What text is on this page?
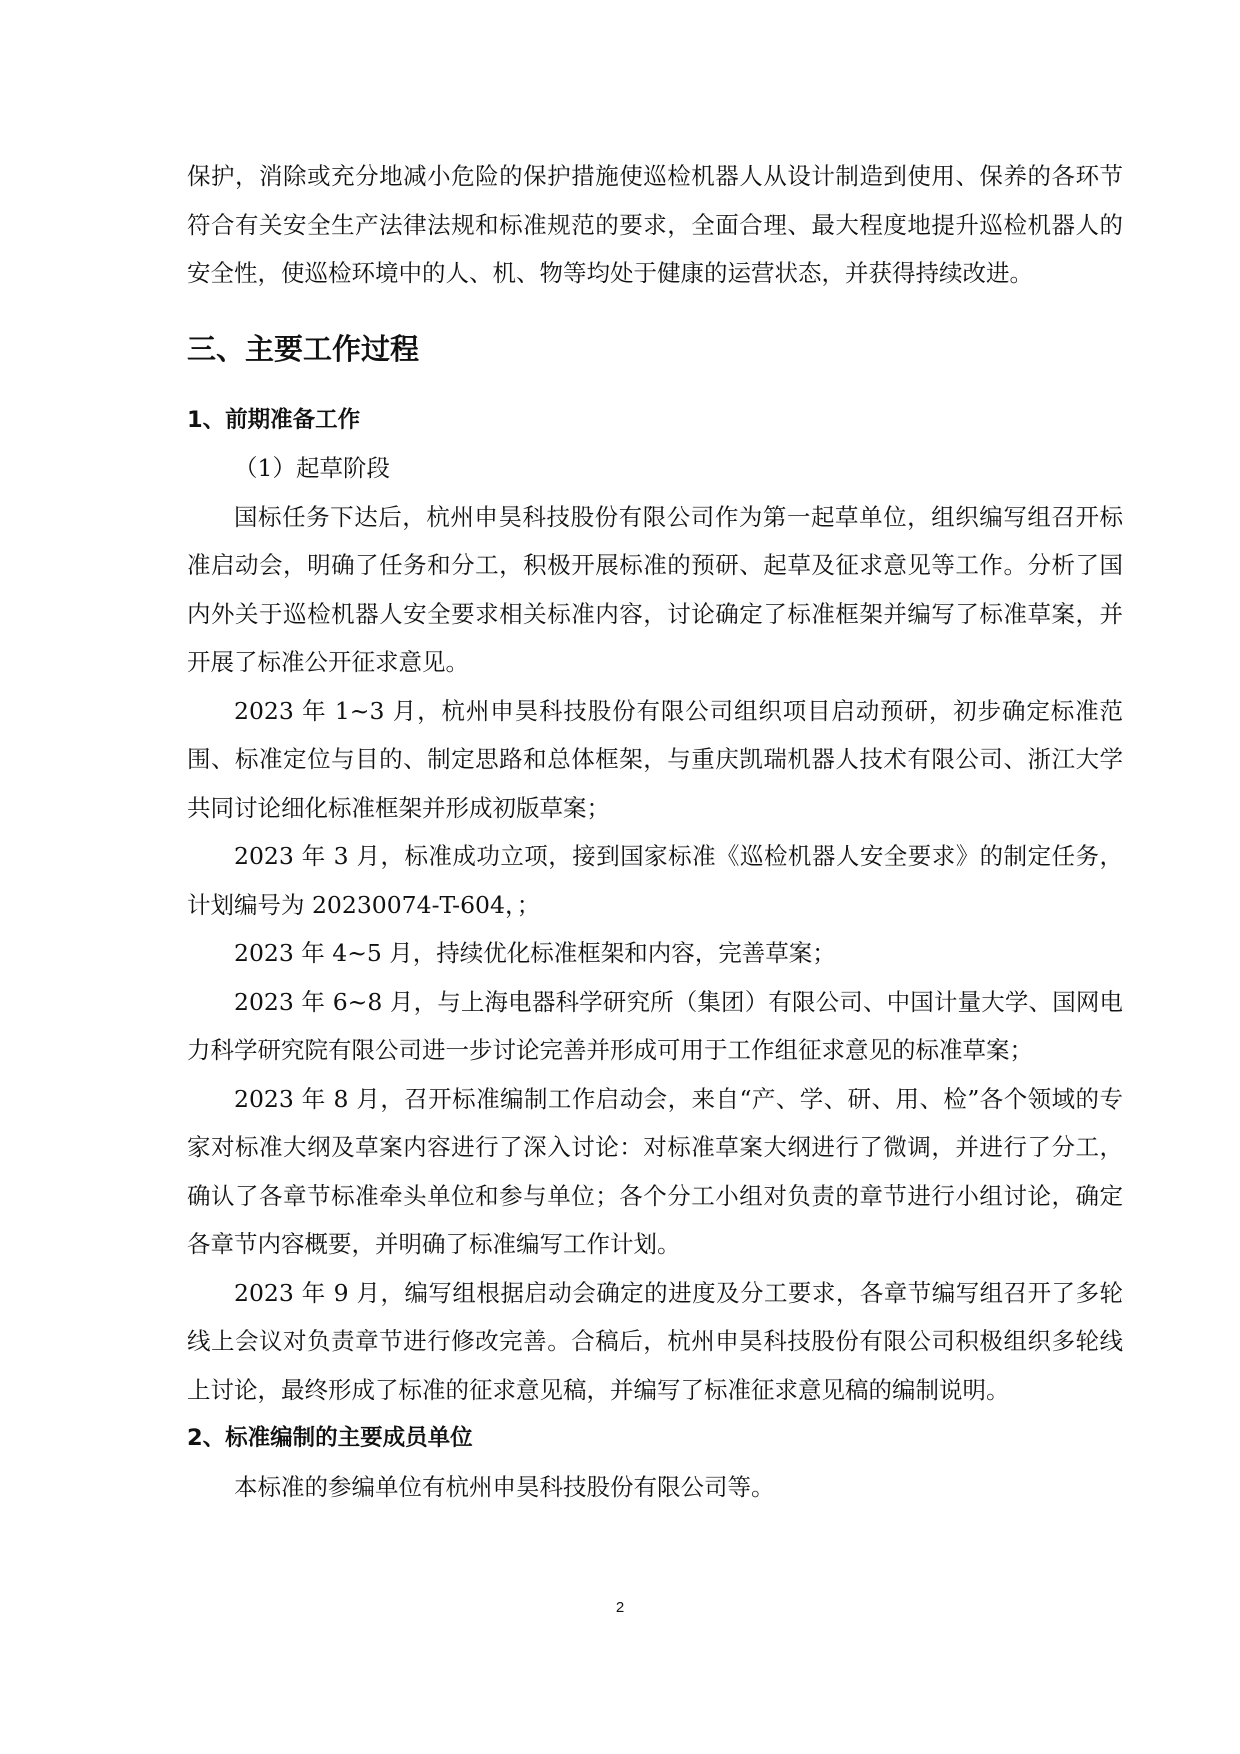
保护，消除或充分地减小危险的保护措施使巡检机器人从设计制造到使用、保养的各环节符合有关安全生产法律法规和标准规范的要求，全面合理、最大程度地提升巡检机器人的安全性，使巡检环境中的人、机、物等均处于健康的运营状态，并获得持续改进。

三、主要工作过程
1、前期准备工作

（1）起草阶段

国标任务下达后，杭州申昊科技股份有限公司作为第一起草单位，组织编写组召开标准启动会，明确了任务和分工，积极开展标准的预研、起草及征求意见等工作。分析了国内外关于巡检机器人安全要求相关标准内容，讨论确定了标准框架并编写了标准草案，并开展了标准公开征求意见。

2023 年 1~3 月，杭州申昊科技股份有限公司组织项目启动预研，初步确定标准范围、标准定位与目的、制定思路和总体框架，与重庆凯瑞机器人技术有限公司、浙江大学共同讨论细化标准框架并形成初版草案；

2023 年 3 月，标准成功立项，接到国家标准《巡检机器人安全要求》的制定任务，计划编号为 20230074-T-604，；

2023 年 4~5 月，持续优化标准框架和内容，完善草案；

2023 年 6~8 月，与上海电器科学研究所（集团）有限公司、中国计量大学、国网电力科学研究院有限公司进一步讨论完善并形成可用于工作组征求意见的标准草案；

2023 年 8 月，召开标准编制工作启动会，来自“产、学、研、用、检”各个领域的专家对标准大纲及草案内容进行了深入讨论：对标准草案大纲进行了微调，并进行了分工，确认了各章节标准牵头单位和参与单位；各个分工小组对负责的章节进行小组讨论，确定各章节内容概要，并明确了标准编写工作计划。

2023 年 9 月，编写组根据启动会确定的进度及分工要求，各章节编写组召开了多轮线上会议对负责章节进行修改完善。合稿后，杭州申昊科技股份有限公司积极组织多轮线上讨论，最终形成了标准的征求意见稿，并编写了标准征求意见稿的编制说明。

2、标准编制的主要成员单位

本标准的参编单位有杭州申昊科技股份有限公司等。

2
